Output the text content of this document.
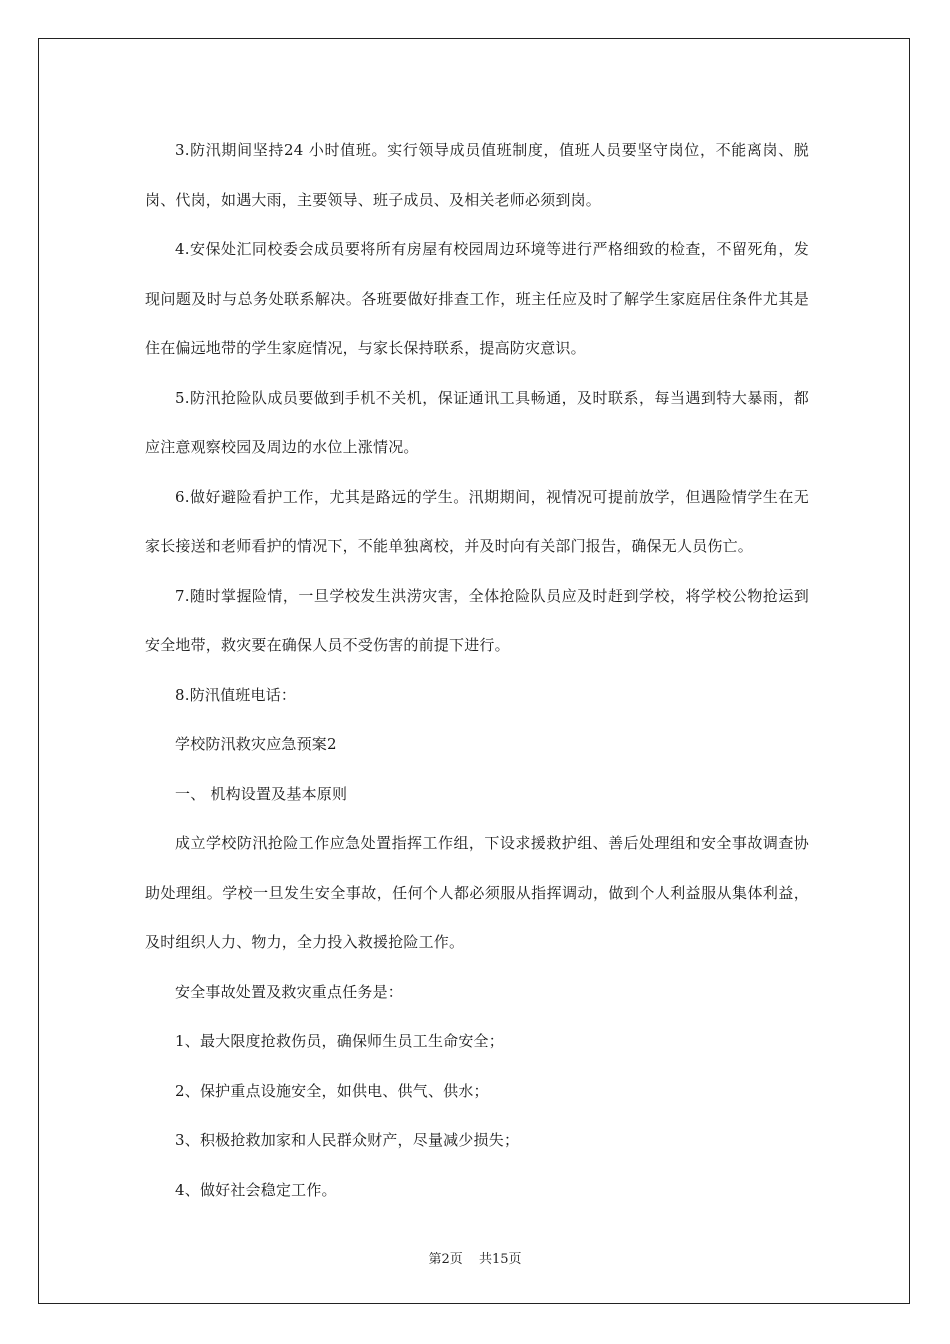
3.防汛期间坚持24 小时值班。实行领导成员值班制度，值班人员要坚守岗位，不能离岗、脱岗、代岗，如遇大雨，主要领导、班子成员、及相关老师必须到岗。

4.安保处汇同校委会成员要将所有房屋有校园周边环境等进行严格细致的检查，不留死角，发现问题及时与总务处联系解决。各班要做好排查工作，班主任应及时了解学生家庭居住条件尤其是住在偏远地带的学生家庭情况，与家长保持联系，提高防灾意识。

5.防汛抢险队成员要做到手机不关机，保证通讯工具畅通，及时联系，每当遇到特大暴雨，都应注意观察校园及周边的水位上涨情况。

6.做好避险看护工作，尤其是路远的学生。汛期期间，视情况可提前放学，但遇险情学生在无家长接送和老师看护的情况下，不能单独离校，并及时向有关部门报告，确保无人员伤亡。

7.随时掌握险情，一旦学校发生洪涝灾害，全体抢险队员应及时赶到学校，将学校公物抢运到安全地带，救灾要在确保人员不受伤害的前提下进行。

8.防汛值班电话：

学校防汛救灾应急预案2

一、 机构设置及基本原则

成立学校防汛抢险工作应急处置指挥工作组，下设求援救护组、善后处理组和安全事故调查协助处理组。学校一旦发生安全事故，任何个人都必须服从指挥调动，做到个人利益服从集体利益，及时组织人力、物力，全力投入救援抢险工作。

安全事故处置及救灾重点任务是：

1、最大限度抢救伤员，确保师生员工生命安全；

2、保护重点设施安全，如供电、供气、供水；

3、积极抢救加家和人民群众财产，尽量减少损失；

4、做好社会稳定工作。

第2页 共15页
